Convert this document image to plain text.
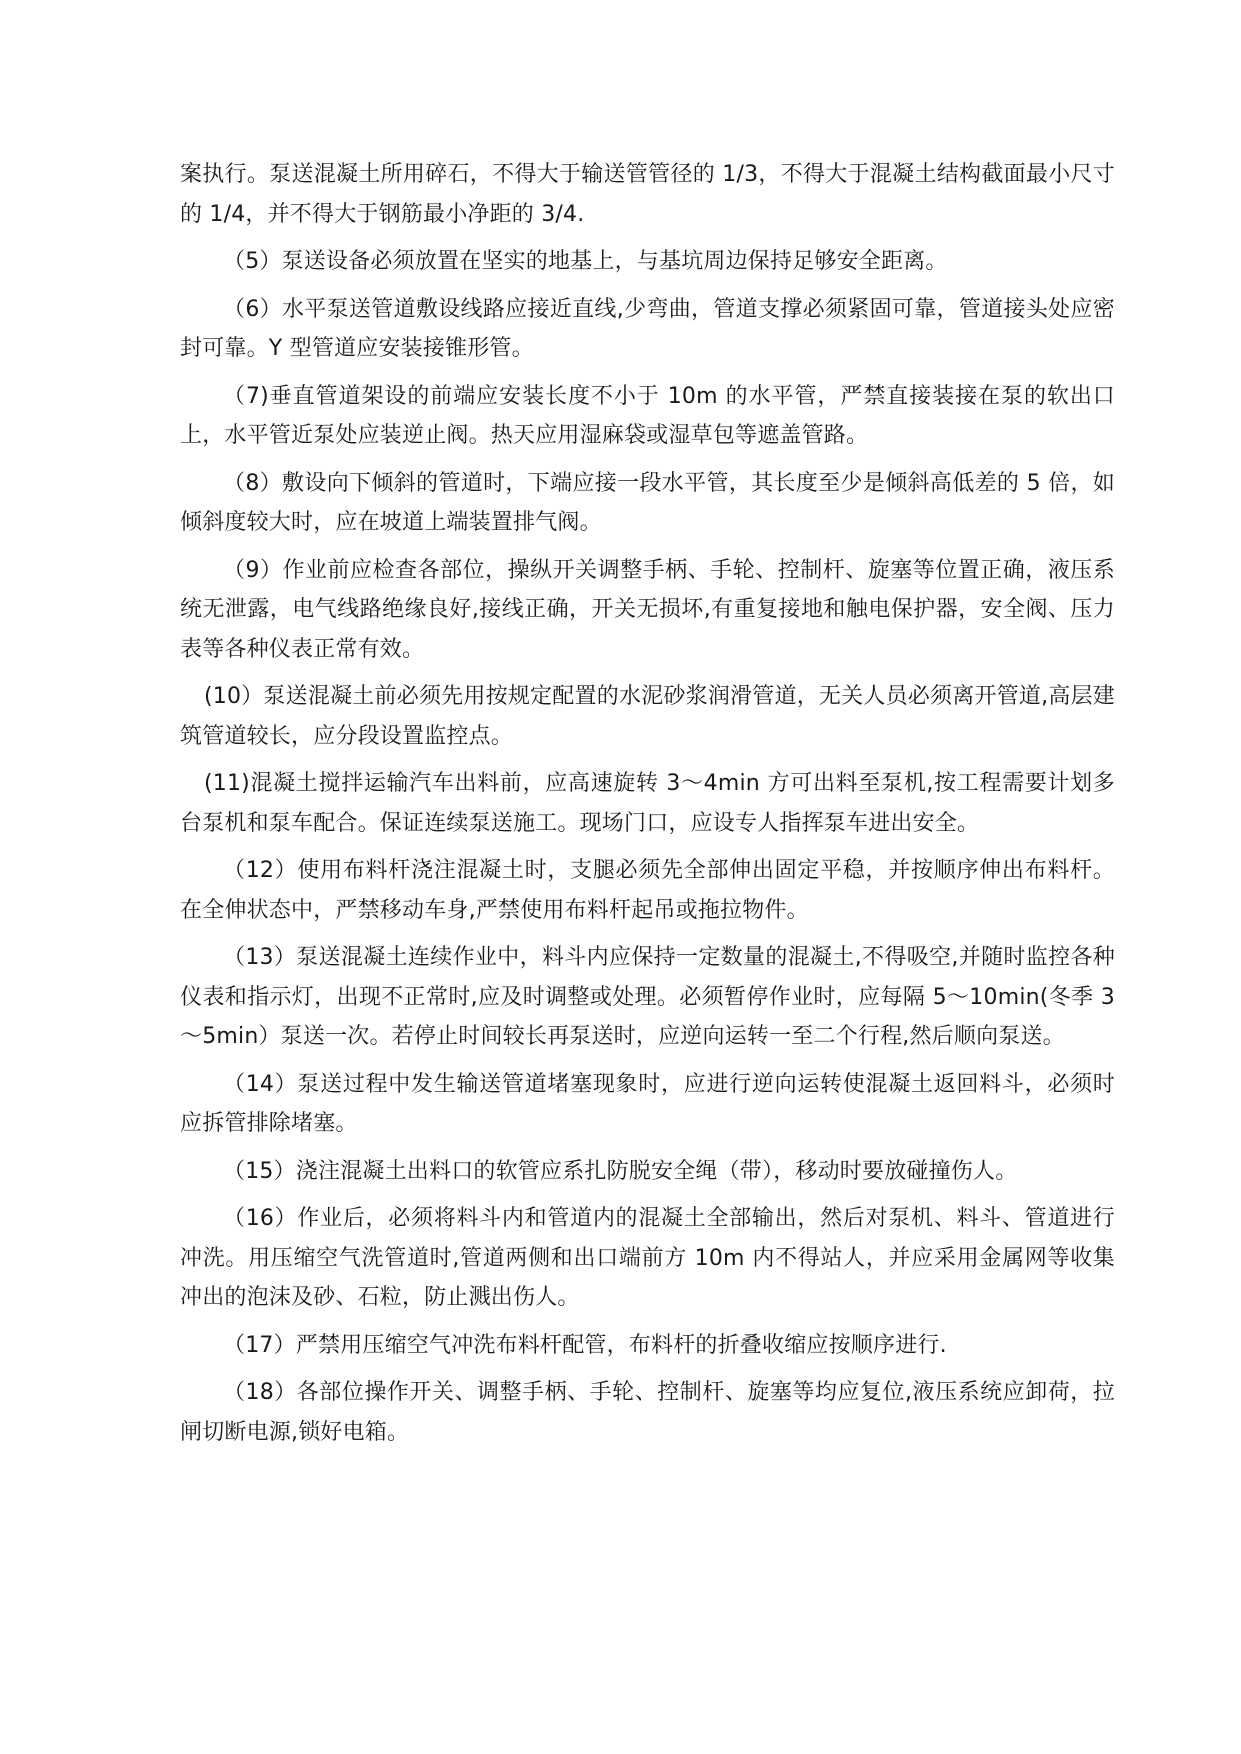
案执行。泵送混凝土所用碎石，不得大于输送管管径的 1/3，不得大于混凝土结构截面最小尺寸的 1/4，并不得大于钢筋最小净距的 3/4.

（5）泵送设备必须放置在坚实的地基上，与基坑周边保持足够安全距离。

（6）水平泵送管道敷设线路应接近直线,少弯曲，管道支撑必须紧固可靠，管道接头处应密封可靠。Y 型管道应安装接锥形管。

（7)垂直管道架设的前端应安装长度不小于 10m 的水平管，严禁直接装接在泵的软出口上，水平管近泵处应装逆止阀。热天应用湿麻袋或湿草包等遮盖管路。

（8）敷设向下倾斜的管道时，下端应接一段水平管，其长度至少是倾斜高低差的 5 倍，如倾斜度较大时，应在坡道上端装置排气阀。

（9）作业前应检查各部位，操纵开关调整手柄、手轮、控制杆、旋塞等位置正确，液压系统无泄露，电气线路绝缘良好,接线正确，开关无损坏,有重复接地和触电保护器，安全阀、压力表等各种仪表正常有效。

(10）泵送混凝土前必须先用按规定配置的水泥砂浆润滑管道，无关人员必须离开管道,高层建筑管道较长，应分段设置监控点。

(11)混凝土搅拌运输汽车出料前，应高速旋转 3～4min 方可出料至泵机,按工程需要计划多台泵机和泵车配合。保证连续泵送施工。现场门口，应设专人指挥泵车进出安全。

（12）使用布料杆浇注混凝土时，支腿必须先全部伸出固定平稳，并按顺序伸出布料杆。在全伸状态中，严禁移动车身,严禁使用布料杆起吊或拖拉物件。

（13）泵送混凝土连续作业中，料斗内应保持一定数量的混凝土,不得吸空,并随时监控各种仪表和指示灯，出现不正常时,应及时调整或处理。必须暂停作业时，应每隔 5～10min(冬季 3～5min）泵送一次。若停止时间较长再泵送时，应逆向运转一至二个行程,然后顺向泵送。

（14）泵送过程中发生输送管道堵塞现象时，应进行逆向运转使混凝土返回料斗，必须时应拆管排除堵塞。

（15）浇注混凝土出料口的软管应系扎防脱安全绳（带），移动时要放碰撞伤人。

（16）作业后，必须将料斗内和管道内的混凝土全部输出，然后对泵机、料斗、管道进行冲洗。用压缩空气洗管道时,管道两侧和出口端前方 10m 内不得站人，并应采用金属网等收集冲出的泡沫及砂、石粒，防止溅出伤人。

（17）严禁用压缩空气冲洗布料杆配管，布料杆的折叠收缩应按顺序进行.

（18）各部位操作开关、调整手柄、手轮、控制杆、旋塞等均应复位,液压系统应卸荷，拉闸切断电源,锁好电箱。
